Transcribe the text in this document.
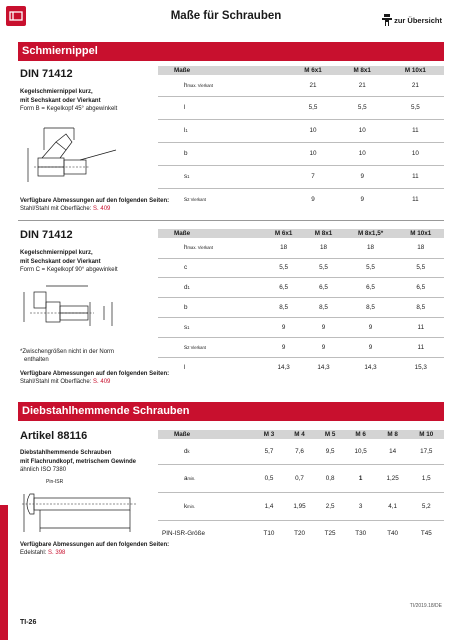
Maße für Schrauben	zur Übersicht
Schmiernippel
DIN 71412
Kegelschmiernippel kurz,
mit Sechskant oder Vierkant
Form B = Kegelkopf 45° abgewinkelt
Maße	M 6x1	M 8x1	M 10x1
hmax. Vierkant	21	21	21
l	5,5	5,5	5,5
l1	10	10	11
b	10	10	10
s1	7	9	11
s2 Vierkant	9	9	11
Verfügbare Abmessungen auf den folgenden Seiten:
Stahl/Stahl mit Oberfläche: S. 409
DIN 71412
Kegelschmiernippel kurz,
mit Sechskant oder Vierkant
Form C = Kegelkopf 90° abgewinkelt
Maße	M 6x1	M 8x1	M 8x1,5*	M 10x1
hmax. Vierkant	18	18	18	18
c	5,5	5,5	5,5	5,5
d1	6,5	6,5	6,5	6,5
b	8,5	8,5	8,5	8,5
s1	9	9	9	11
s2 Vierkant	9	9	9	11
l	14,3	14,3	14,3	15,3
*Zwischengrößen nicht in der Norm
enthalten
Verfügbare Abmessungen auf den folgenden Seiten:
Stahl/Stahl mit Oberfläche: S. 409
Diebstahlhemmende Schrauben
Artikel 88116
Diebstahlhemmende Schrauben
mit Flachrundkopf, metrischem Gewinde
ähnlich ISO 7380
Pin-ISR
Maße	M 3	M 4	M 5	M 6	M 8	M 10
dk	5,7	7,6	9,5	10,5	14	17,5
amin.	0,5	0,7	0,8	1	1,25	1,5
kmin.	1,4	1,95	2,5	3	4,1	5,2
PIN-ISR-Größe	T10	T20	T25	T30	T40	T45
Verfügbare Abmessungen auf den folgenden Seiten:
Edelstahl: S. 398
TI/2019.18/DE
TI-26
